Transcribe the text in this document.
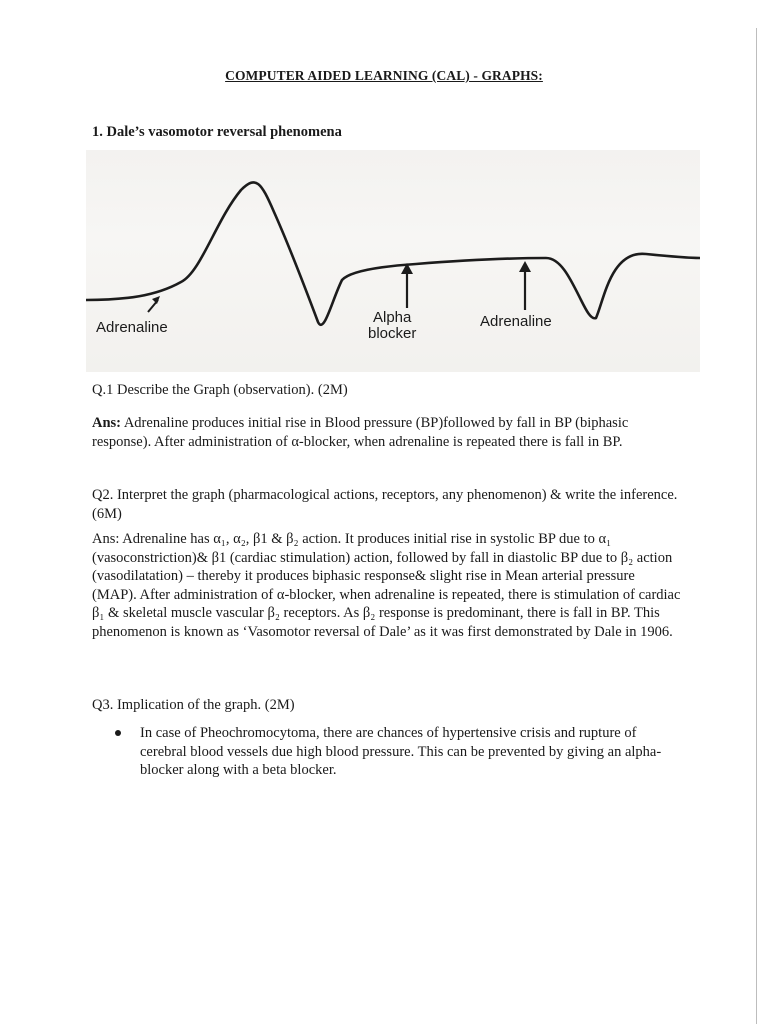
COMPUTER AIDED LEARNING (CAL) - GRAPHS:
1. Dale’s vasomotor reversal phenomena
Adrenaline
Alpha
blocker
Adrenaline
Q.1 Describe the Graph (observation). (2M)
Ans: Adrenaline produces initial rise in Blood pressure (BP)followed by fall in BP (biphasic response). After administration of α-blocker, when adrenaline is repeated there is fall in BP.
Q2. Interpret the graph (pharmacological actions, receptors, any phenomenon) & write the inference. (6M)
Ans: Adrenaline has α₁, α₂, β1 & β₂ action. It produces initial rise in systolic BP due to α₁ (vasoconstriction)& β1 (cardiac stimulation) action, followed by fall in diastolic BP due to β₂ action (vasodilatation) – thereby it produces biphasic response& slight rise in Mean arterial pressure (MAP). After administration of α-blocker, when adrenaline is repeated, there is stimulation of cardiac β₁ & skeletal muscle vascular β₂ receptors. As β₂ response is predominant, there is fall in BP. This phenomenon is known as ‘Vasomotor reversal of Dale’ as it was first demonstrated by Dale in 1906.
Q3. Implication of the graph. (2M)
In case of Pheochromocytoma, there are chances of hypertensive crisis and rupture of cerebral blood vessels due high blood pressure. This can be prevented by giving an alpha-blocker along with a beta blocker.
